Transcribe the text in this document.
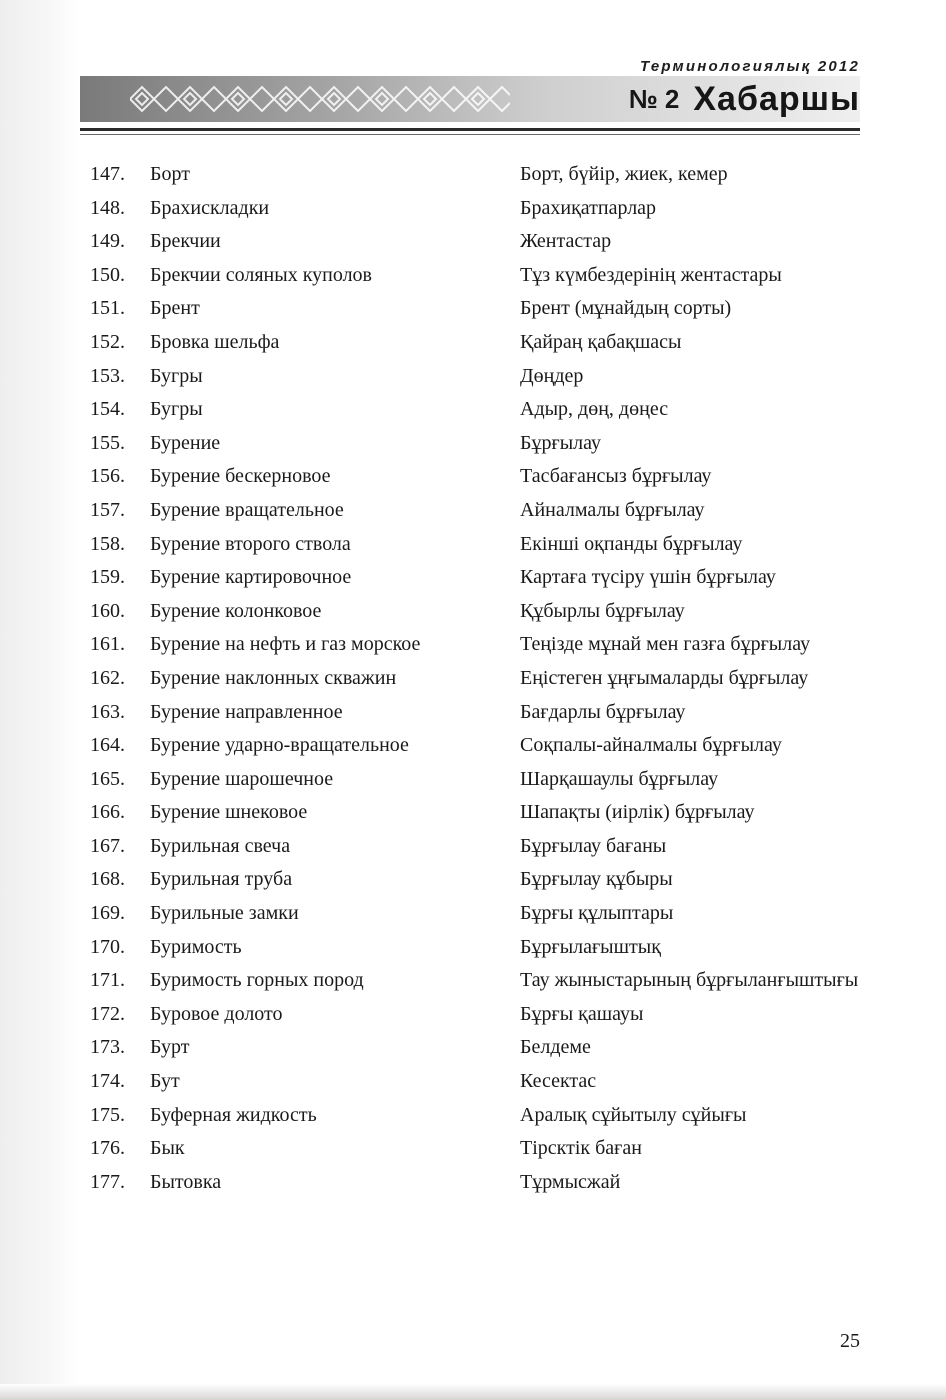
Терминологиялық 2012
№ 2 Хабаршы
147.	Борт	Борт, бүйір, жиек, кемер
148.	Брахискладки	Брахиқатпарлар
149.	Брекчии	Жентастар
150.	Брекчии соляных куполов	Тұз күмбездерінің жентастары
151.	Брент	Брент (мұнайдың сорты)
152.	Бровка шельфа	Қайраң қабақшасы
153.	Бугры	Дөңдер
154.	Бугры	Адыр, дөң, дөңес
155.	Бурение	Бұрғылау
156.	Бурение бескерновое	Тасбағансыз бұрғылау
157.	Бурение вращательное	Айналмалы бұрғылау
158.	Бурение второго ствола	Екінші оқпанды бұрғылау
159.	Бурение картировочное	Картаға түсіру үшін бұрғылау
160.	Бурение колонковое	Құбырлы бұрғылау
161.	Бурение на нефть и газ морское	Теңізде мұнай мен газға бұрғылау
162.	Бурение наклонных скважин	Еңістеген ұңғымаларды бұрғылау
163.	Бурение направленное	Бағдарлы бұрғылау
164.	Бурение ударно-вращательное	Соқпалы-айналмалы бұрғылау
165.	Бурение шарошечное	Шарқашаулы бұрғылау
166.	Бурение шнековое	Шапақты (иірлік) бұрғылау
167.	Бурильная свеча	Бұрғылау бағаны
168.	Бурильная труба	Бұрғылау құбыры
169.	Бурильные замки	Бұрғы құлыптары
170.	Буримость	Бұрғылағыштық
171.	Буримость горных пород	Тау жыныстарының бұрғыланғыштығы
172.	Буровое долото	Бұрғы қашауы
173.	Бурт	Белдеме
174.	Бут	Кесектас
175.	Буферная жидкость	Аралық сұйытылу сұйығы
176.	Бык	Тірсктік баған
177.	Бытовка	Тұрмысжай
25
